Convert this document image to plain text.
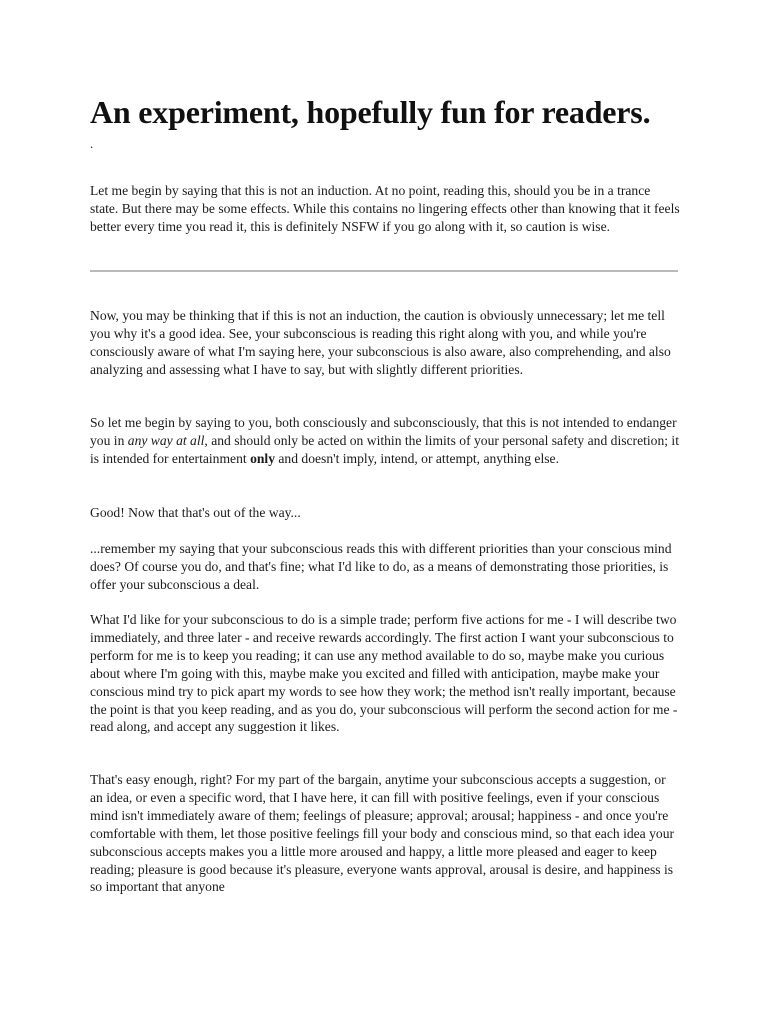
An experiment, hopefully fun for readers.
.

Let me begin by saying that this is not an induction. At no point, reading this, should you be in a trance state. But there may be some effects. While this contains no lingering effects other than knowing that it feels better every time you read it, this is definitely NSFW if you go along with it, so caution is wise.

Now, you may be thinking that if this is not an induction, the caution is obviously unnecessary; let me tell you why it's a good idea. See, your subconscious is reading this right along with you, and while you're consciously aware of what I'm saying here, your subconscious is also aware, also comprehending, and also analyzing and assessing what I have to say, but with slightly different priorities.

So let me begin by saying to you, both consciously and subconsciously, that this is not intended to endanger you in any way at all, and should only be acted on within the limits of your personal safety and discretion; it is intended for entertainment only and doesn't imply, intend, or attempt, anything else.

Good! Now that that's out of the way...

...remember my saying that your subconscious reads this with different priorities than your conscious mind does? Of course you do, and that's fine; what I'd like to do, as a means of demonstrating those priorities, is offer your subconscious a deal.

What I'd like for your subconscious to do is a simple trade; perform five actions for me - I will describe two immediately, and three later - and receive rewards accordingly. The first action I want your subconscious to perform for me is to keep you reading; it can use any method available to do so, maybe make you curious about where I'm going with this, maybe make you excited and filled with anticipation, maybe make your conscious mind try to pick apart my words to see how they work; the method isn't really important, because the point is that you keep reading, and as you do, your subconscious will perform the second action for me - read along, and accept any suggestion it likes.

That's easy enough, right? For my part of the bargain, anytime your subconscious accepts a suggestion, or an idea, or even a specific word, that I have here, it can fill with positive feelings, even if your conscious mind isn't immediately aware of them; feelings of pleasure; approval; arousal; happiness - and once you're comfortable with them, let those positive feelings fill your body and conscious mind, so that each idea your subconscious accepts makes you a little more aroused and happy, a little more pleased and eager to keep reading; pleasure is good because it's pleasure, everyone wants approval, arousal is desire, and happiness is so important that anyone
